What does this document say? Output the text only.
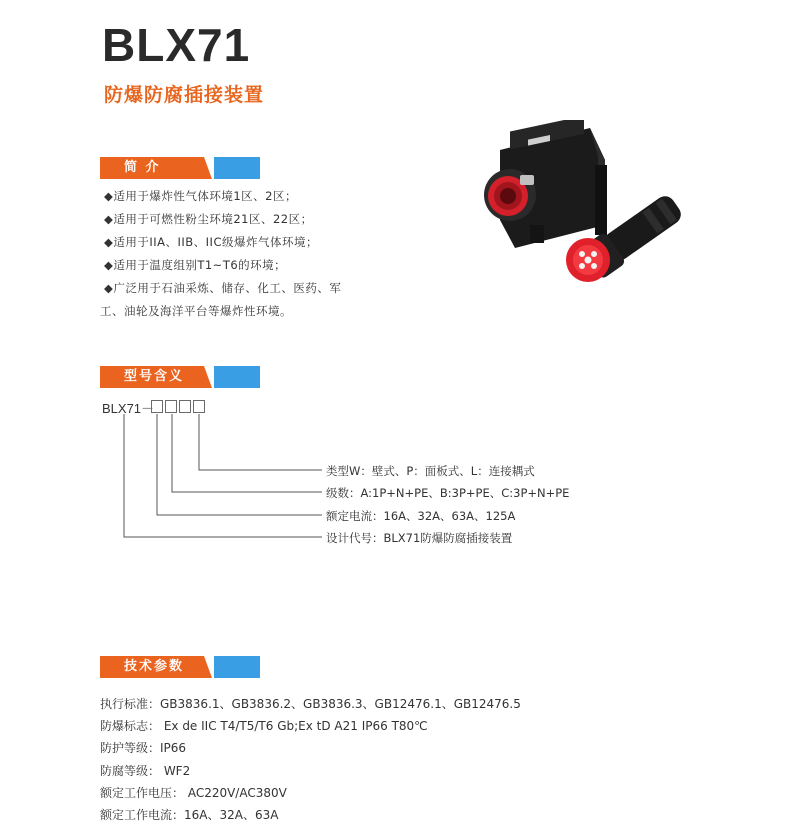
BLX71
防爆防腐插接装置
简 介
◆适用于爆炸性气体环境1区、2区；
◆适用于可燃性粉尘环境21区、22区；
◆适用于IIA、IIB、IIC级爆炸气体环境；
◆适用于温度组别T1~T6的环境；
◆广泛用于石油采炼、储存、化工、医药、军
工、油轮及海洋平台等爆炸性环境。
型号含义
BLX71－
类型W：壁式、P：面板式、L：连接耦式
级数：A:1P+N+PE、B:3P+PE、C:3P+N+PE
额定电流：16A、32A、63A、125A
设计代号：BLX71防爆防腐插接装置
技术参数
执行标准：GB3836.1、GB3836.2、GB3836.3、GB12476.1、GB12476.5
防爆标志： Ex de IIC T4/T5/T6 Gb;Ex tD A21 IP66 T80℃
防护等级：IP66
防腐等级： WF2
额定工作电压： AC220V/AC380V
额定工作电流：16A、32A、63A
